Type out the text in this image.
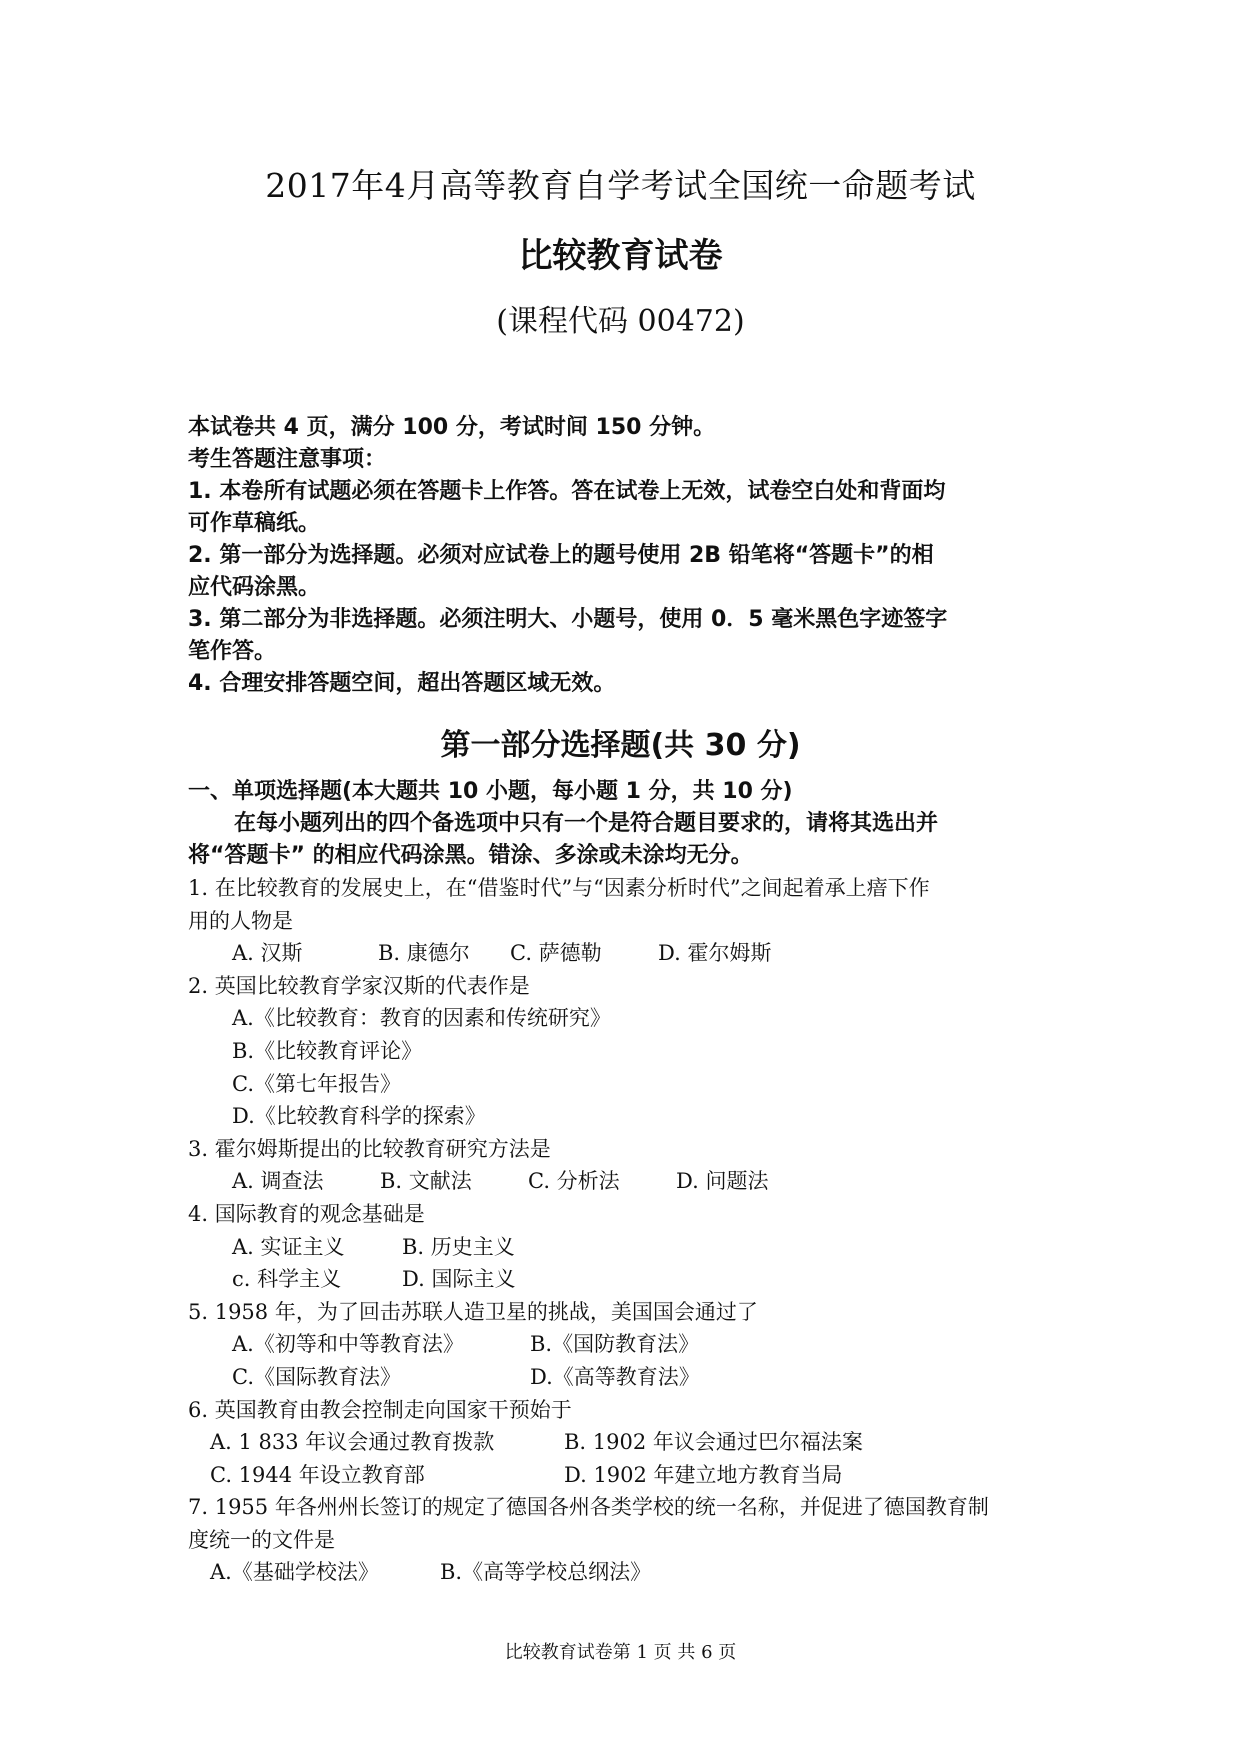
2017年4月高等教育自学考试全国统一命题考试
比较教育试卷
(课程代码 00472)

本试卷共 4 页，满分 100 分，考试时间 150 分钟。

考生答题注意事项：

1. 本卷所有试题必须在答题卡上作答。答在试卷上无效，试卷空白处和背面均

可作草稿纸。

2. 第一部分为选择题。必须对应试卷上的题号使用 2B 铅笔将“答题卡”的相

应代码涂黑。

3. 第二部分为非选择题。必须注明大、小题号，使用 0．5 毫米黑色字迹签字

笔作答。

4. 合理安排答题空间，超出答题区域无效。

第一部分选择题(共 30 分)

一、单项选择题(本大题共 10 小题，每小题 1 分，共 10 分)

在每小题列出的四个备选项中只有一个是符合题目要求的，请将其选出并

将“答题卡” 的相应代码涂黑。错涂、多涂或未涂均无分。

1. 在比较教育的发展史上，在“借鉴时代”与“因素分析时代”之间起着承上瘖下作

用的人物是

A. 汉斯	B. 康德尔	C. 萨德勒	D. 霍尔姆斯

2. 英国比较教育学家汉斯的代表作是

A.《比较教育：教育的因素和传统研究》

B.《比较教育评论》

C.《第七年报告》

D.《比较教育科学的探索》

3. 霍尔姆斯提出的比较教育研究方法是

A. 调查法	B. 文献法	C. 分析法	D. 问题法

4. 国际教育的观念基础是

A. 实证主义	B. 历史主义
c. 科学主义	D. 国际主义

5. 1958 年，为了回击苏联人造卫星的挑战，美国国会通过了

A.《初等和中等教育法》	B.《国防教育法》
C.《国际教育法》	D.《高等教育法》

6. 英国教育由教会控制走向国家干预始于

A. 1 833 年议会通过教育拨款	B. 1902 年议会通过巴尔福法案
C. 1944 年设立教育部	D. 1902 年建立地方教育当局

7. 1955 年各州州长签订的规定了德国各州各类学校的统一名称，并促进了德国教育制

度统一的文件是

A.《基础学校法》	B.《高等学校总纲法》
比较教育试卷第 1 页 共 6 页
